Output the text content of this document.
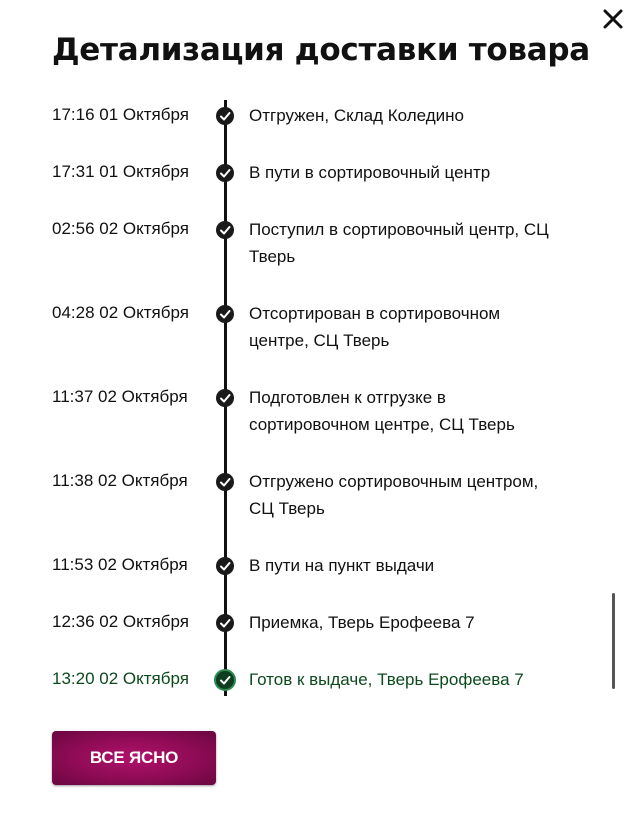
Детализация доставки товара
17:16 01 Октября	Отгружен, Склад Коледино
17:31 01 Октября	В пути в сортировочный центр
02:56 02 Октября	Поступил в сортировочный центр, СЦ Тверь
04:28 02 Октября	Отсортирован в сортировочном центре, СЦ Тверь
11:37 02 Октября	Подготовлен к отгрузке в сортировочном центре, СЦ Тверь
11:38 02 Октября	Отгружено сортировочным центром, СЦ Тверь
11:53 02 Октября	В пути на пункт выдачи
12:36 02 Октября	Приемка, Тверь Ерофеева 7
13:20 02 Октября	Готов к выдаче, Тверь Ерофеева 7
ВСЕ ЯСНО
